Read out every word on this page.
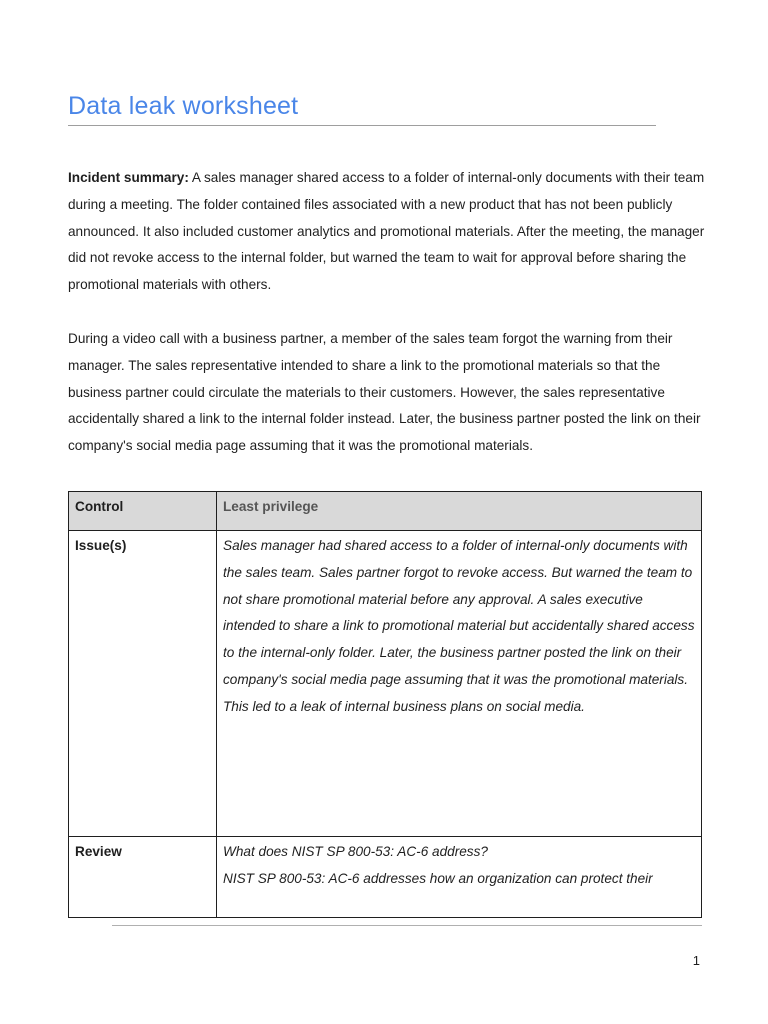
Data leak worksheet

Incident summary: A sales manager shared access to a folder of internal-only documents with their team during a meeting. The folder contained files associated with a new product that has not been publicly announced. It also included customer analytics and promotional materials. After the meeting, the manager did not revoke access to the internal folder, but warned the team to wait for approval before sharing the promotional materials with others.

During a video call with a business partner, a member of the sales team forgot the warning from their manager. The sales representative intended to share a link to the promotional materials so that the business partner could circulate the materials to their customers. However, the sales representative accidentally shared a link to the internal folder instead. Later, the business partner posted the link on their company's social media page assuming that it was the promotional materials.

Control	Least privilege
Issue(s)	Sales manager had shared access to a folder of internal-only documents with the sales team. Sales partner forgot to revoke access. But warned the team to not share promotional material before any approval. A sales executive intended to share a link to promotional material but accidentally shared access to the internal-only folder. Later, the business partner posted the link on their company's social media page assuming that it was the promotional materials. This led to a leak of internal business plans on social media.
Review	What does NIST SP 800-53: AC-6 address?
NIST SP 800-53: AC-6 addresses how an organization can protect their
1
